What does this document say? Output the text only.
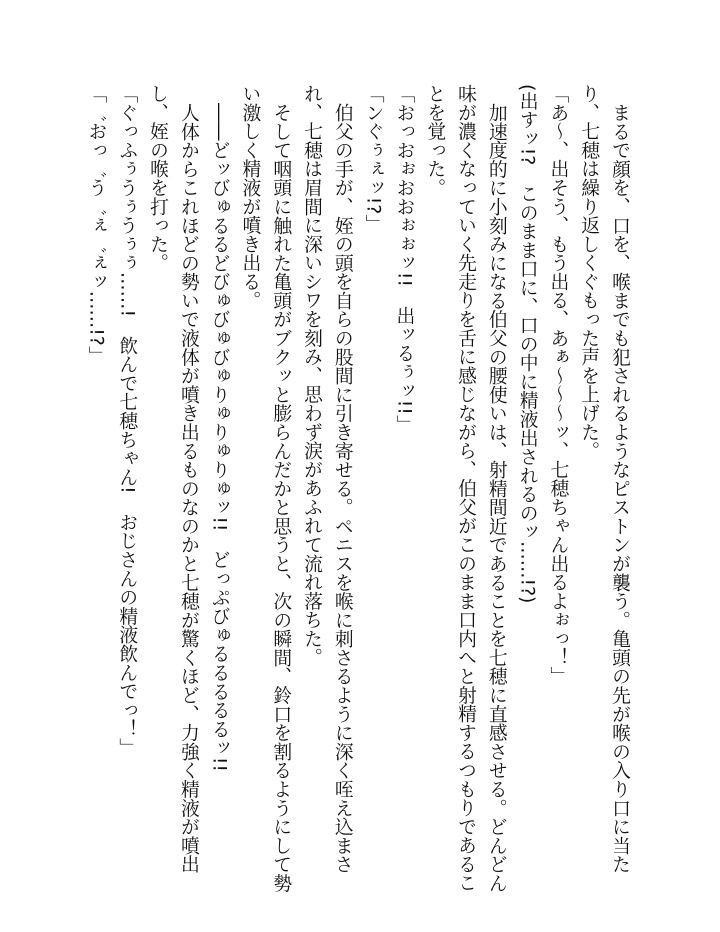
まるで顔を、口を、喉までも犯されるようなピストンが襲う。亀頭の先が喉の入り口に当た
り、七穂は繰り返しくぐもった声を上げた。
「あ～、出そう、もう出る、あぁ～～～ッ、七穂ちゃん出るよぉっ！」
(出すッ!?　このまま口に、口の中に精液出されるのッ……!?)
加速度的に小刻みになる伯父の腰使いは、射精間近であることを七穂に直感させる。どんどん
味が濃くなっていく先走りを舌に感じながら、伯父がこのまま口内へと射精するつもりであるこ
とを覚った。
「おっおぉおおぉぉッ!!　出ッるぅッ!!」
「ンぐぅぇッ!?」
伯父の手が、姪の頭を自らの股間に引き寄せる。ペニスを喉に刺さるように深く咥え込まさ
れ、七穂は眉間に深いシワを刻み、思わず涙があふれて流れ落ちた。
そして咽頭に触れた亀頭がブクッと膨らんだかと思うと、次の瞬間、鈴口を割るようにして勢
い激しく精液が噴き出る。
――どッびゅるるどびゅびゅびゅりゅりゅりゅッ!!　どっぷびゅるるるるるッ!!
人体からこれほどの勢いで液体が噴き出るものなのかと七穂が驚くほど、力強く精液が噴出
し、姪の喉を打った。
「ぐっふぅうぅうぅぅ……!　飲んで七穂ちゃん!　おじさんの精液飲んでっ！」
「゛おっ゛う゛ぇ゛ぇッ……!?」
